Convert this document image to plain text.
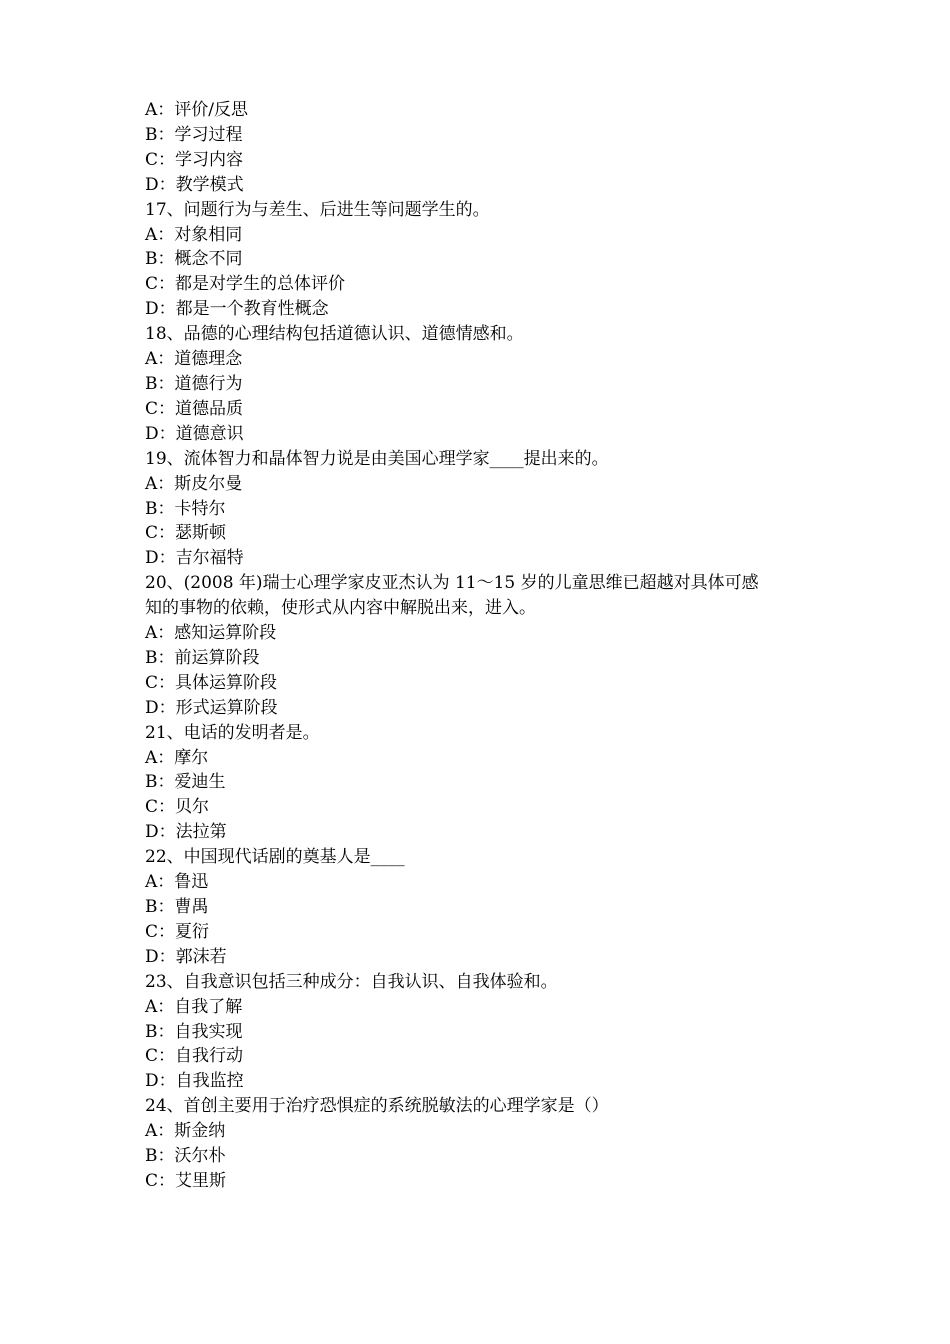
A：评价/反思
B：学习过程
C：学习内容
D：教学模式
17、问题行为与差生、后进生等问题学生的。
A：对象相同
B：概念不同
C：都是对学生的总体评价
D：都是一个教育性概念
18、品德的心理结构包括道德认识、道德情感和。
A：道德理念
B：道德行为
C：道德品质
D：道德意识
19、流体智力和晶体智力说是由美国心理学家____提出来的。
A：斯皮尔曼
B：卡特尔
C：瑟斯顿
D：吉尔福特
20、(2008 年)瑞士心理学家皮亚杰认为 11～15 岁的儿童思维已超越对具体可感
知的事物的依赖，使形式从内容中解脱出来，进入。
A：感知运算阶段
B：前运算阶段
C：具体运算阶段
D：形式运算阶段
21、电话的发明者是。
A：摩尔
B：爱迪生
C：贝尔
D：法拉第
22、中国现代话剧的奠基人是____
A：鲁迅
B：曹禺
C：夏衍
D：郭沫若
23、自我意识包括三种成分：自我认识、自我体验和。
A：自我了解
B：自我实现
C：自我行动
D：自我监控
24、首创主要用于治疗恐惧症的系统脱敏法的心理学家是（）
A：斯金纳
B：沃尔朴
C：艾里斯
